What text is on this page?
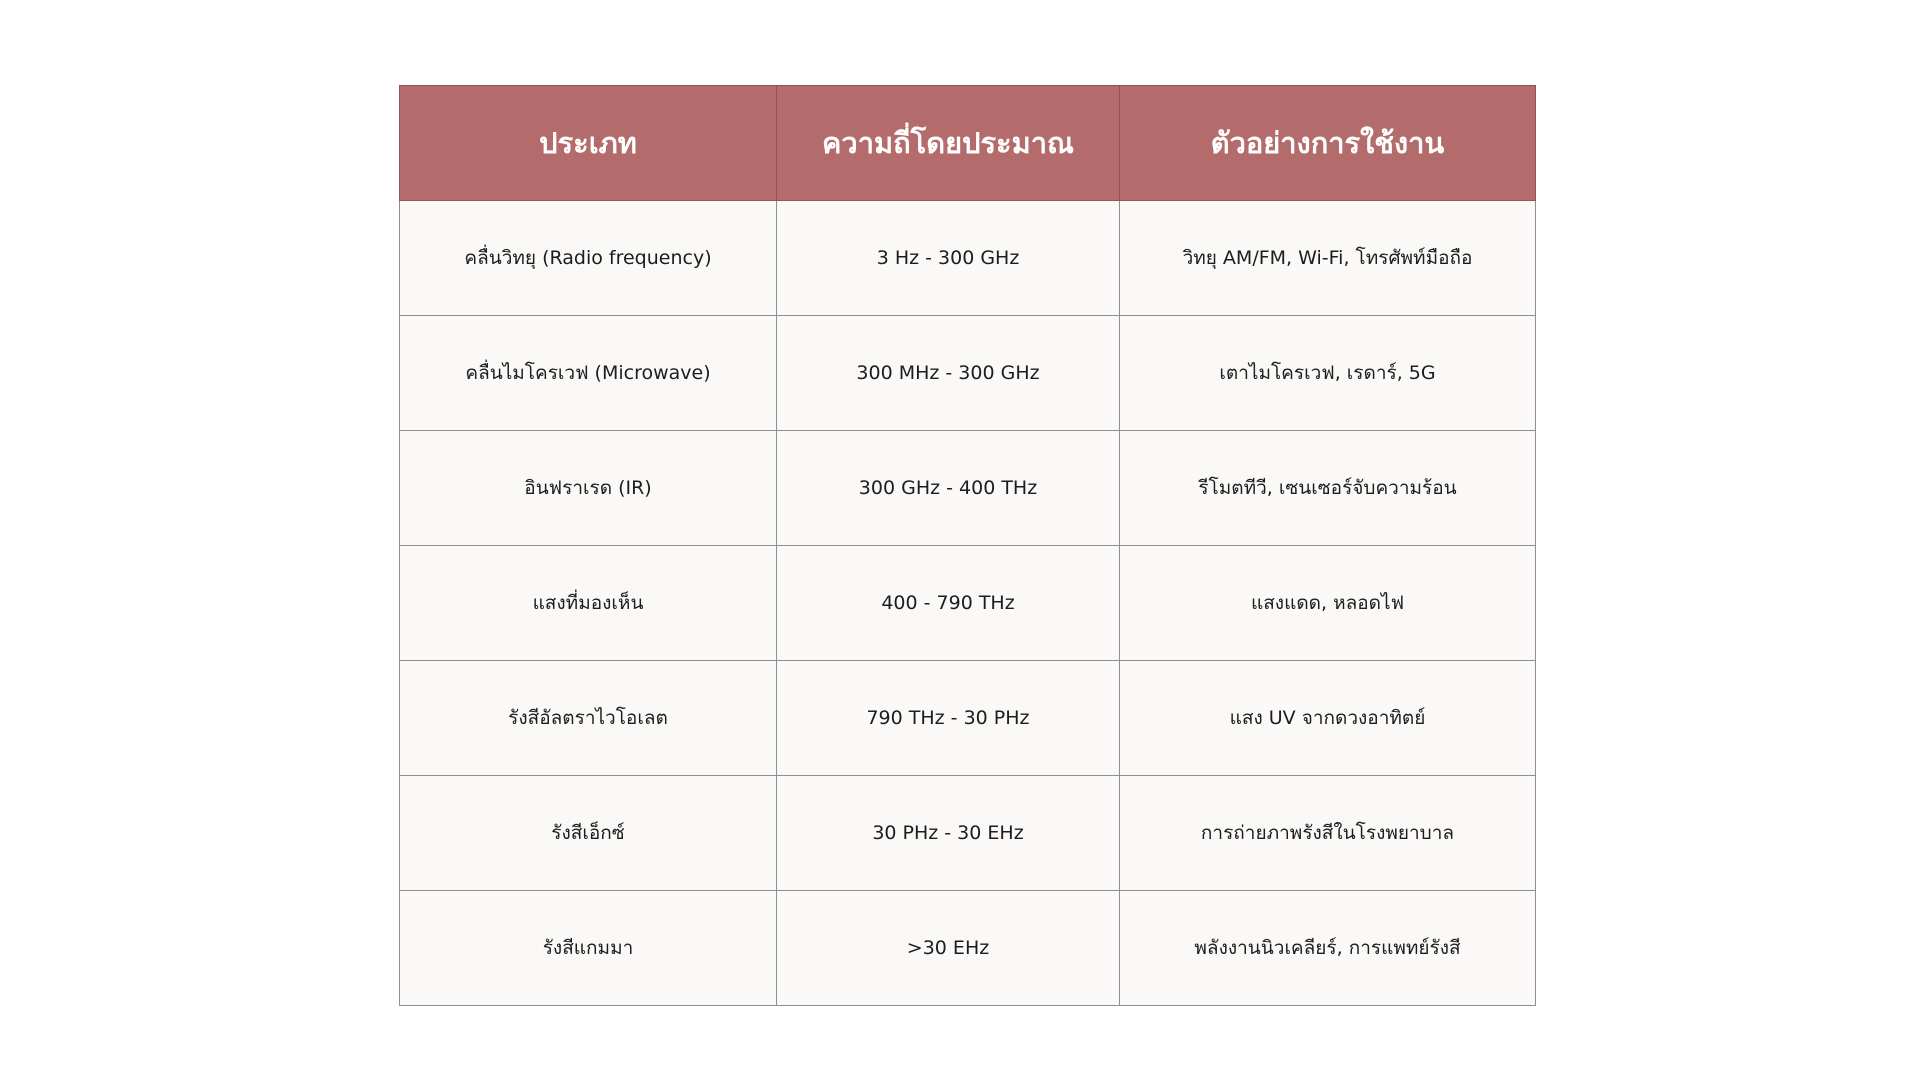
ประเภท	ความถี่โดยประมาณ	ตัวอย่างการใช้งาน
คลื่นวิทยุ (Radio frequency)	3 Hz - 300 GHz	วิทยุ AM/FM, Wi-Fi, โทรศัพท์มือถือ
คลื่นไมโครเวฟ (Microwave)	300 MHz - 300 GHz	เตาไมโครเวฟ, เรดาร์, 5G
อินฟราเรด (IR)	300 GHz - 400 THz	รีโมตทีวี, เซนเซอร์จับความร้อน
แสงที่มองเห็น	400 - 790 THz	แสงแดด, หลอดไฟ
รังสีอัลตราไวโอเลต	790 THz - 30 PHz	แสง UV จากดวงอาทิตย์
รังสีเอ็กซ์	30 PHz - 30 EHz	การถ่ายภาพรังสีในโรงพยาบาล
รังสีแกมมา	>30 EHz	พลังงานนิวเคลียร์, การแพทย์รังสี
